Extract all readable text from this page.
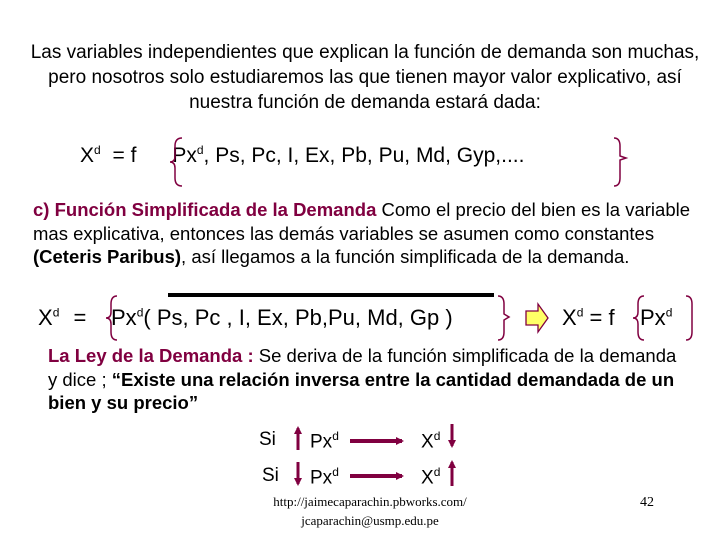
Las variables independientes que explican la función de demanda son muchas, pero nosotros solo estudiaremos las que tienen mayor valor explicativo, así nuestra función de demanda estará dada:
$X^d = f$ Px$^d$, Ps, Pc, I, Ex, Pb, Pu, Md, Gyp,....
c) Función Simplificada de la Demanda Como el precio del bien es la variable mas explicativa, entonces las demás variables se asumen como constantes (Ceteris Paribus), así llegamos a la función simplificada de la demanda.
$X^d = Px^d$( Ps, Pc , I, Ex, Pb,Pu, Md, Gp )	$X^d = f$ Px$^d$
La Ley de la Demanda : Se deriva de la función simplificada de la demanda y dice ; “Existe una relación inversa entre la cantidad demandada de un bien y su precio”
Si Px$^d$	$X^d$
Si Px$^d$	$X^d$
http://jaimecaparachin.pbworks.com/
jcaparachin@usmp.edu.pe
42
